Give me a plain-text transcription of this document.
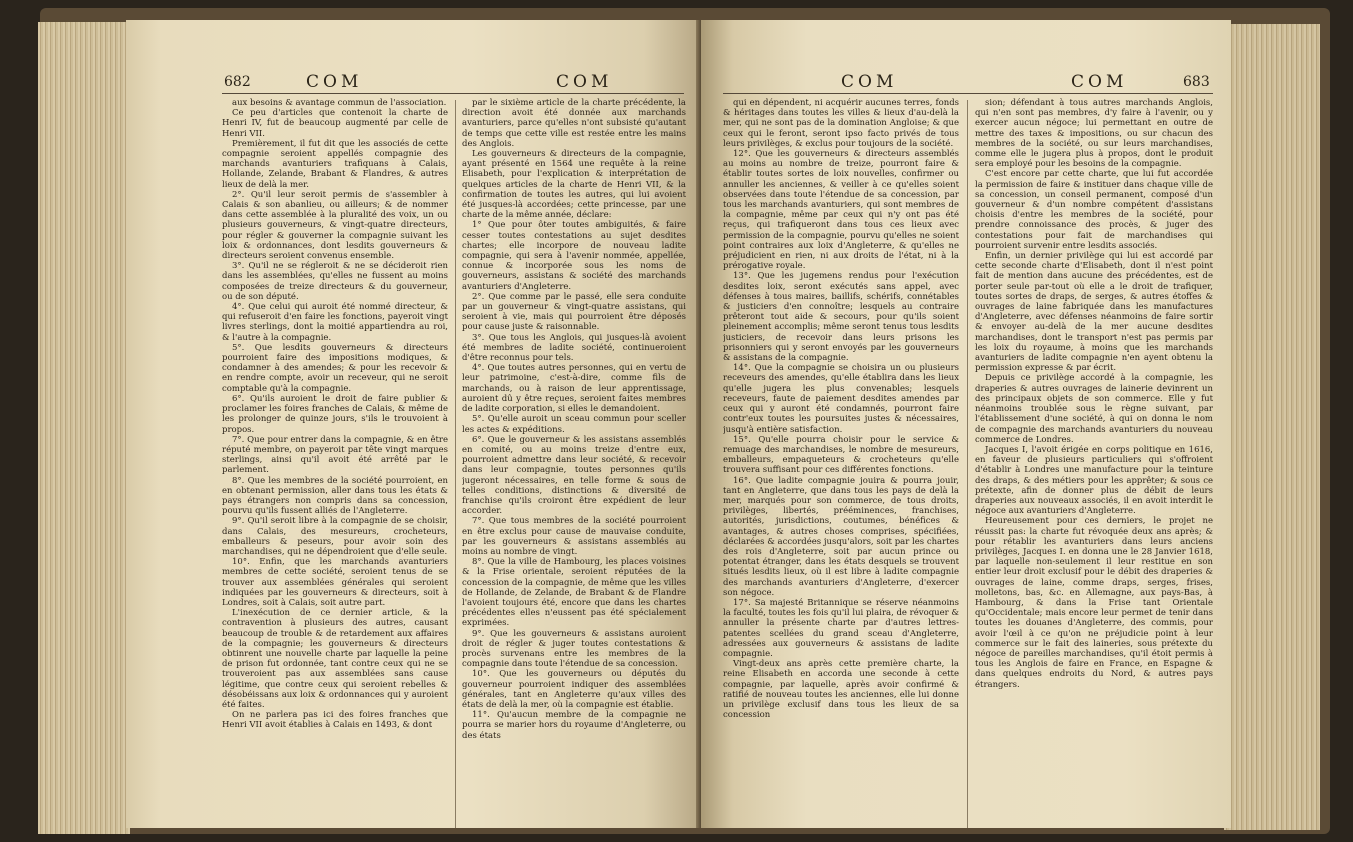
682	COM	COM

aux besoins & avantage commun de l'association.

Ce peu d'articles que contenoit la charte de Henri IV, fut de beaucoup augmenté par celle de Henri VII.

Premièrement, il fut dit que les associés de cette compagnie seroient appellés compagnie des marchands avanturiers trafiquans à Calais, Hollande, Zelande, Brabant & Flandres, & autres lieux de delà la mer.

2°. Qu'il leur seroit permis de s'assembler à Calais & son abanlieu, ou ailleurs; & de nommer dans cette assemblée à la pluralité des voix, un ou plusieurs gouverneurs, & vingt-quatre directeurs, pour régler & gouverner la compagnie suivant les loix & ordonnances, dont lesdits gouverneurs & directeurs seroient convenus ensemble.

3°. Qu'il ne se régleroit & ne se décideroit rien dans les assemblées, qu'elles ne fussent au moins composées de treize directeurs & du gouverneur, ou de son député.

4°. Que celui qui auroit été nommé directeur, & qui refuseroit d'en faire les fonctions, payeroit vingt livres sterlings, dont la moitié appartiendra au roi, & l'autre à la compagnie.

5°. Que lesdits gouverneurs & directeurs pourroient faire des impositions modiques, & condamner à des amendes; & pour les recevoir & en rendre compte, avoir un receveur, qui ne seroit comptable qu'à la compagnie.

6°. Qu'ils auroient le droit de faire publier & proclamer les foires franches de Calais, & même de les prolonger de quinze jours, s'ils le trouvoient à propos.

7°. Que pour entrer dans la compagnie, & en être réputé membre, on payeroit par tête vingt marques sterlings, ainsi qu'il avoit été arrêté par le parlement.

8°. Que les membres de la société pourroient, en en obtenant permission, aller dans tous les états & pays étrangers non compris dans sa concession, pourvu qu'ils fussent alliés de l'Angleterre.

9°. Qu'il seroit libre à la compagnie de se choisir, dans Calais, des mesureurs, crocheteurs, emballeurs & peseurs, pour avoir soin des marchandises, qui ne dépendroient que d'elle seule.

10°. Enfin, que les marchands avanturiers membres de cette société, seroient tenus de se trouver aux assemblées générales qui seroient indiquées par les gouverneurs & directeurs, soit à Londres, soit à Calais, soit autre part.

L'inexécution de ce dernier article, & la contravention à plusieurs des autres, causant beaucoup de trouble & de retardement aux affaires de la compagnie; les gouverneurs & directeurs obtinrent une nouvelle charte par laquelle la peine de prison fut ordonnée, tant contre ceux qui ne se trouveroient pas aux assemblées sans cause légitime, que contre ceux qui seroient rebelles & désobéissans aux loix & ordonnances qui y auroient été faites.

On ne parlera pas ici des foires franches que Henri VII avoit établies à Calais en 1493, & dont

par le sixième article de la charte précédente, la direction avoit été donnée aux marchands avanturiers, parce qu'elles n'ont subsisté qu'autant de temps que cette ville est restée entre les mains des Anglois.

Les gouverneurs & directeurs de la compagnie, ayant présenté en 1564 une requête à la reine Elisabeth, pour l'explication & interprétation de quelques articles de la charte de Henri VII, & la confirmation de toutes les autres, qui lui avoient été jusques-là accordées; cette princesse, par une charte de la même année, déclare:

1° Que pour ôter toutes ambiguités, & faire cesser toutes contestations au sujet desdites chartes; elle incorpore de nouveau ladite compagnie, qui sera à l'avenir nommée, appellée, connue & incorporée sous les noms de gouverneurs, assistans & société des marchands avanturiers d'Angleterre.

2°. Que comme par le passé, elle sera conduite par un gouverneur & vingt-quatre assistans, qui seroient à vie, mais qui pourroient être déposés pour cause juste & raisonnable.

3°. Que tous les Anglois, qui jusques-là avoient été membres de ladite société, continueroient d'être reconnus pour tels.

4°. Que toutes autres personnes, qui en vertu de leur patrimoine, c'est-à-dire, comme fils de marchands, ou à raison de leur apprentissage, auroient dû y être reçues, seroient faites membres de ladite corporation, si elles le demandoient.

5°. Qu'elle auroit un sceau commun pour sceller les actes & expéditions.

6°. Que le gouverneur & les assistans assemblés en comité, ou au moins treize d'entre eux, pourroient admettre dans leur société, & recevoir dans leur compagnie, toutes personnes qu'ils jugeront nécessaires, en telle forme & sous de telles conditions, distinctions & diversité de franchise qu'ils croiront être expédient de leur accorder.

7°. Que tous membres de la société pourroient en être exclus pour cause de mauvaise conduite, par les gouverneurs & assistans assemblés au moins au nombre de vingt.

8°. Que la ville de Hambourg, les places voisines & la Frise orientale, seroient réputées de la concession de la compagnie, de même que les villes de Hollande, de Zelande, de Brabant & de Flandre l'avoient toujours été, encore que dans les chartes précédentes elles n'eussent pas été spécialement exprimées.

9°. Que les gouverneurs & assistans auroient droit de régler & juger toutes contestations & procès survenans entre les membres de la compagnie dans toute l'étendue de sa concession.

10°. Que les gouverneurs ou députés du gouverneur pourroient indiquer des assemblées générales, tant en Angleterre qu'aux villes des états de delà la mer, où la compagnie est établie.

11°. Qu'aucun membre de la compagnie ne pourra se marier hors du royaume d'Angleterre, ou des états

COM	COM	683

qui en dépendent, ni acquérir aucunes terres, fonds & héritages dans toutes les villes & lieux d'au-delà la mer, qui ne sont pas de la domination Angloise; & que ceux qui le feront, seront ipso facto privés de tous leurs privilèges, & exclus pour toujours de la société.

12°. Que les gouverneurs & directeurs assemblés au moins au nombre de treize, pourront faire & établir toutes sortes de loix nouvelles, confirmer ou annuller les anciennes, & veiller à ce qu'elles soient observées dans toute l'étendue de sa concession, par tous les marchands avanturiers, qui sont membres de la compagnie, même par ceux qui n'y ont pas été reçus, qui trafiqueront dans tous ces lieux avec permission de la compagnie, pourvu qu'elles ne soient point contraires aux loix d'Angleterre, & qu'elles ne préjudicient en rien, ni aux droits de l'état, ni à la prérogative royale.

13°. Que les jugemens rendus pour l'exécution desdites loix, seront exécutés sans appel, avec défenses à tous maires, baillifs, schérifs, connétables & justiciers d'en connoître; lesquels au contraire prêteront tout aide & secours, pour qu'ils soient pleinement accomplis; même seront tenus tous lesdits justiciers, de recevoir dans leurs prisons les prisonniers qui y seront envoyés par les gouverneurs & assistans de la compagnie.

14°. Que la compagnie se choisira un ou plusieurs receveurs des amendes, qu'elle établira dans les lieux qu'elle jugera les plus convenables; lesquels receveurs, faute de paiement desdites amendes par ceux qui y auront été condamnés, pourront faire contr'eux toutes les poursuites justes & nécessaires, jusqu'à entière satisfaction.

15°. Qu'elle pourra choisir pour le service & remuage des marchandises, le nombre de mesureurs, emballeurs, empaqueteurs & crocheteurs qu'elle trouvera suffisant pour ces différentes fonctions.

16°. Que ladite compagnie jouira & pourra jouir, tant en Angleterre, que dans tous les pays de delà la mer, marqués pour son commerce, de tous droits, privilèges, libertés, prééminences, franchises, autorités, jurisdictions, coutumes, bénéfices & avantages, & autres choses comprises, spécifiées, déclarées & accordées jusqu'alors, soit par les chartes des rois d'Angleterre, soit par aucun prince ou potentat étranger, dans les états desquels se trouvent situés lesdits lieux, où il est libre à ladite compagnie des marchands avanturiers d'Angleterre, d'exercer son négoce.

17°. Sa majesté Britannique se réserve néanmoins la faculté, toutes les fois qu'il lui plaira, de révoquer & annuller la présente charte par d'autres lettres-patentes scellées du grand sceau d'Angleterre, adressées aux gouverneurs & assistans de ladite compagnie.

Vingt-deux ans après cette première charte, la reine Elisabeth en accorda une seconde à cette compagnie, par laquelle, après avoir confirmé & ratifié de nouveau toutes les anciennes, elle lui donne un privilège exclusif dans tous les lieux de sa concession

sion; défendant à tous autres marchands Anglois, qui n'en sont pas membres, d'y faire à l'avenir, ou y exercer aucun négoce; lui permettant en outre de mettre des taxes & impositions, ou sur chacun des membres de la société, ou sur leurs marchandises, comme elle le jugera plus à propos, dont le produit sera employé pour les besoins de la compagnie.

C'est encore par cette charte, que lui fut accordée la permission de faire & instituer dans chaque ville de sa concession, un conseil permanent, composé d'un gouverneur & d'un nombre compétent d'assistans choisis d'entre les membres de la société, pour prendre connoissance des procès, & juger des contestations pour fait de marchandises qui pourroient survenir entre lesdits associés.

Enfin, un dernier privilège qui lui est accordé par cette seconde charte d'Elisabeth, dont il n'est point fait de mention dans aucune des précédentes, est de porter seule par-tout où elle a le droit de trafiquer, toutes sortes de draps, de serges, & autres étoffes & ouvrages de laine fabriquée dans les manufactures d'Angleterre, avec défenses néanmoins de faire sortir & envoyer au-delà de la mer aucune desdites marchandises, dont le transport n'est pas permis par les loix du royaume, à moins que les marchands avanturiers de ladite compagnie n'en ayent obtenu la permission expresse & par écrit.

Depuis ce privilège accordé à la compagnie, les draperies & autres ouvrages de lainerie devinrent un des principaux objets de son commerce. Elle y fut néanmoins troublée sous le règne suivant, par l'établissement d'une société, à qui on donna le nom de compagnie des marchands avanturiers du nouveau commerce de Londres.

Jacques I, l'avoit érigée en corps politique en 1616, en faveur de plusieurs particuliers qui s'offroient d'établir à Londres une manufacture pour la teinture des draps, & des métiers pour les apprêter; & sous ce prétexte, afin de donner plus de débit de leurs draperies aux nouveaux associés, il en avoit interdit le négoce aux avanturiers d'Angleterre.

Heureusement pour ces derniers, le projet ne réussit pas: la charte fut révoquée deux ans après; & pour rétablir les avanturiers dans leurs anciens privilèges, Jacques I. en donna une le 28 Janvier 1618, par laquelle non-seulement il leur restitue en son entier leur droit exclusif pour le débit des draperies & ouvrages de laine, comme draps, serges, frises, molletons, bas, &c. en Allemagne, aux pays-Bas, à Hambourg, & dans la Frise tant Orientale qu'Occidentale; mais encore leur permet de tenir dans toutes les douanes d'Angleterre, des commis, pour avoir l'œil à ce qu'on ne préjudicie point à leur commerce sur le fait des laineries, sous prétexte du négoce de pareilles marchandises, qu'il étoit permis à tous les Anglois de faire en France, en Espagne & dans quelques endroits du Nord, & autres pays étrangers.
